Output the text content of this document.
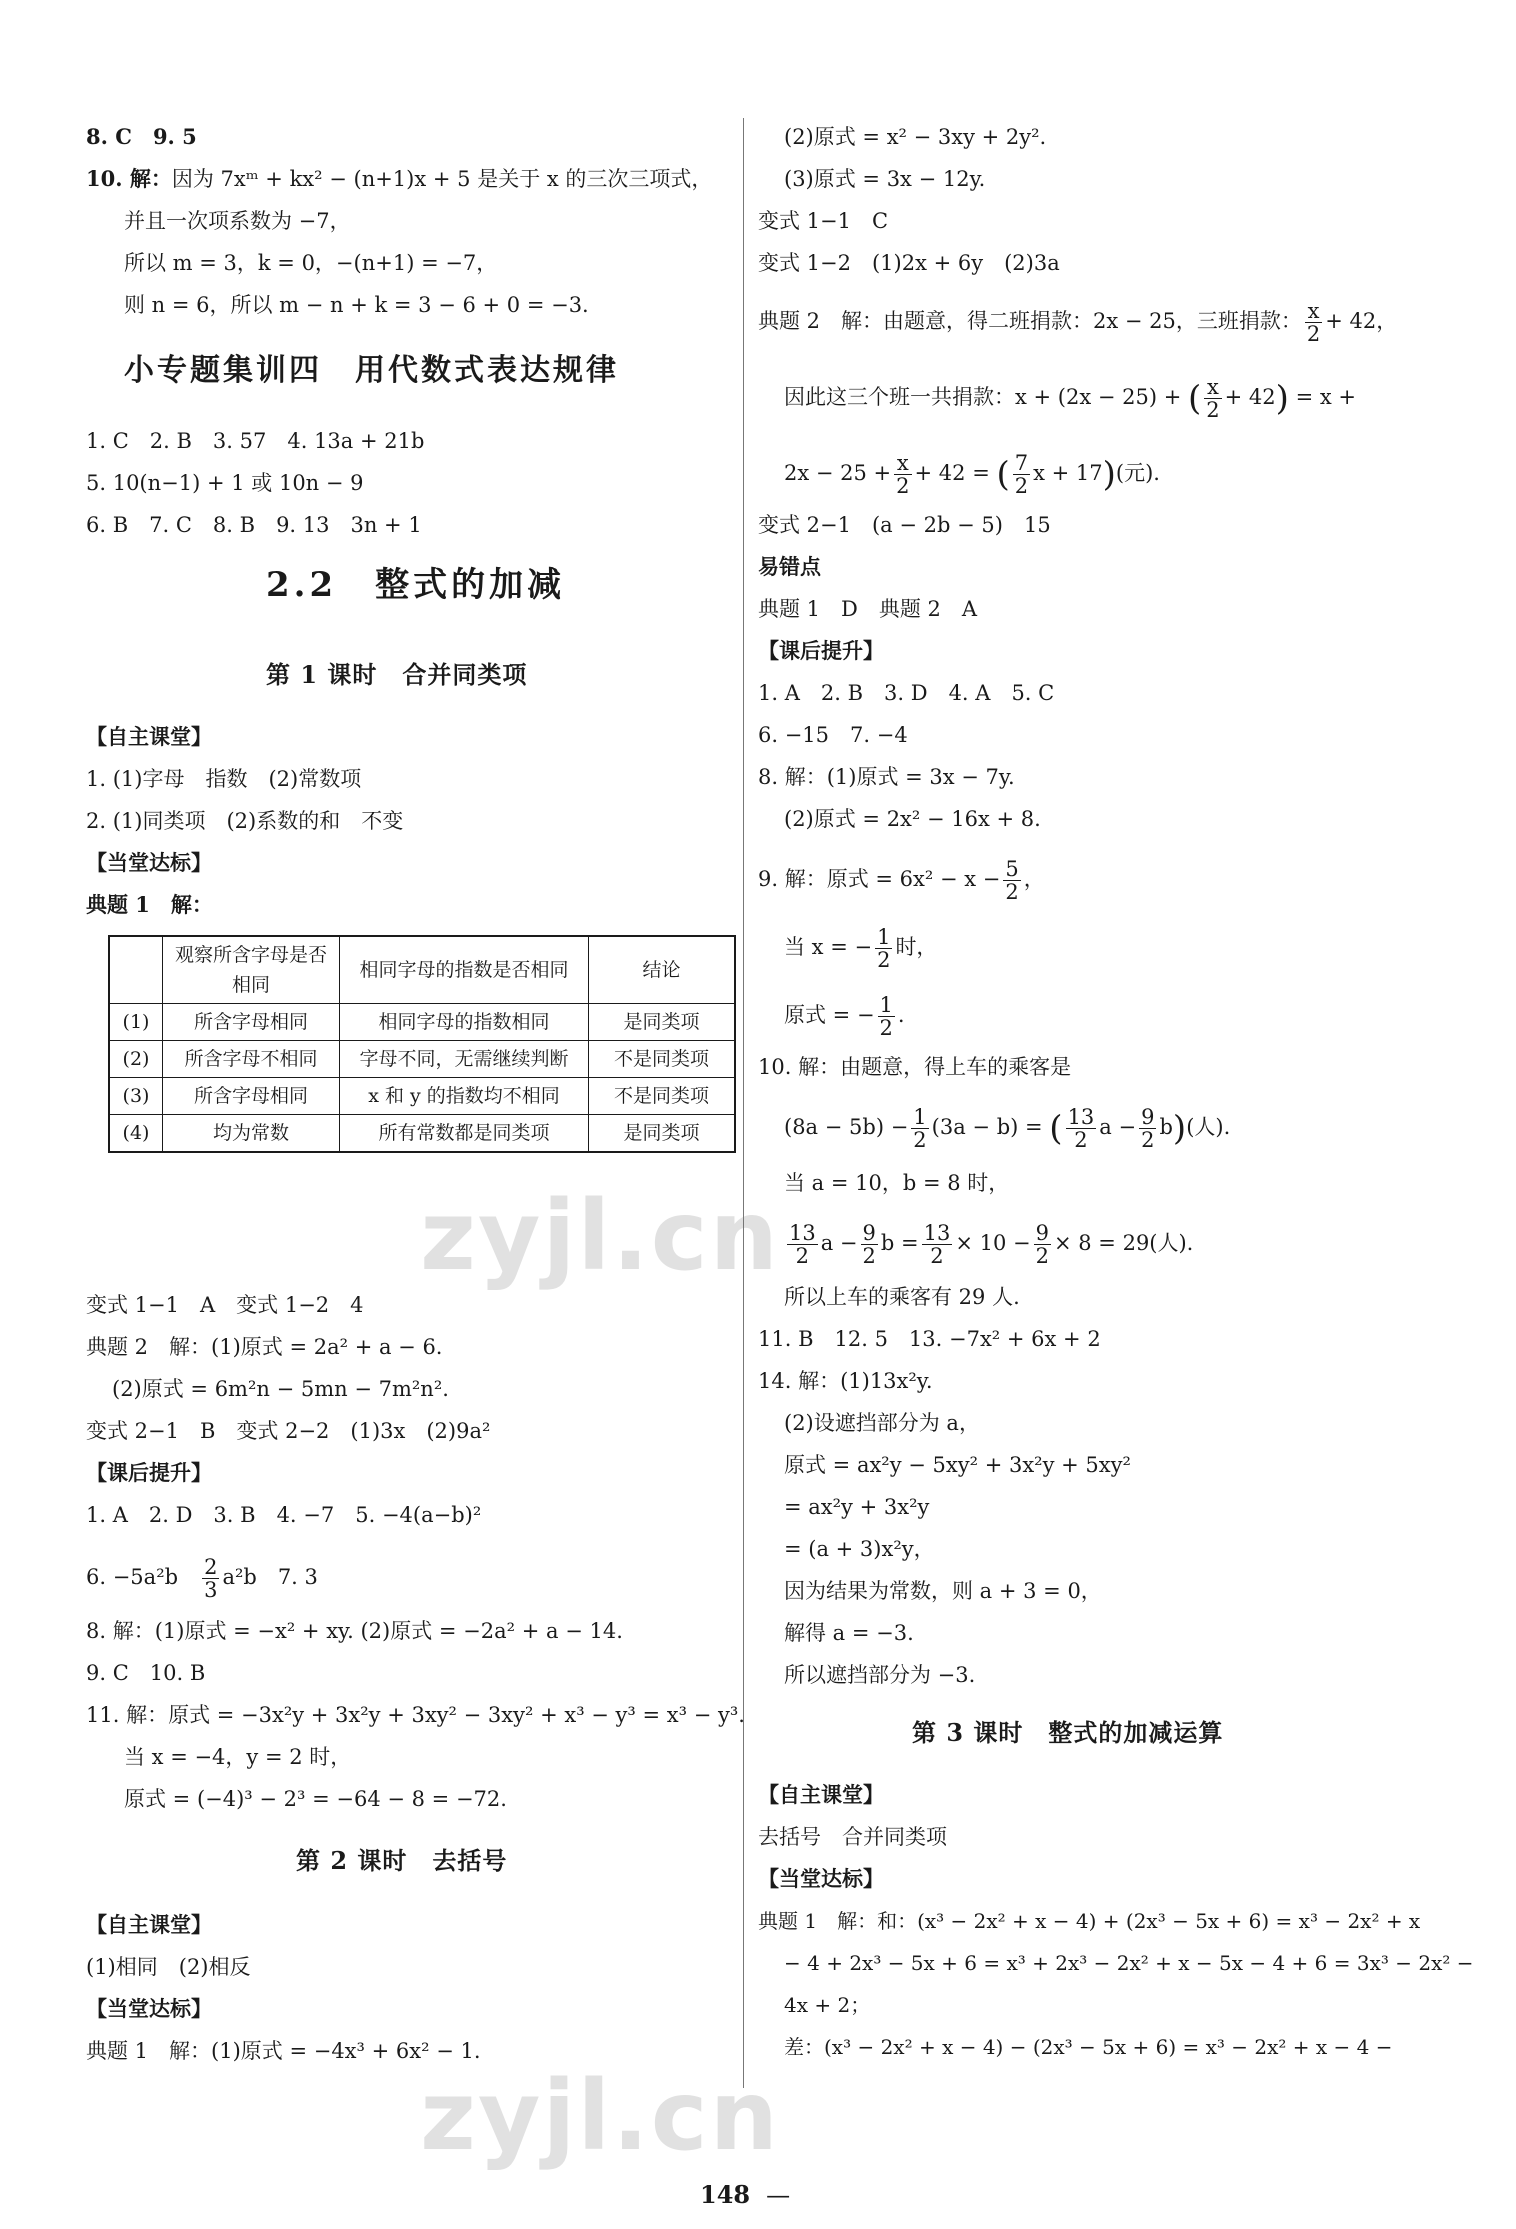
8. C　9. 5
10. 解：因为 7xᵐ + kx² − (n+1)x + 5 是关于 x 的三次三项式，
并且一次项系数为 −7，
所以 m = 3，k = 0，−(n+1) = −7，
则 n = 6，所以 m − n + k = 3 − 6 + 0 = −3.
小专题集训四　用代数式表达规律
1. C　2. B　3. 57　4. 13a + 21b
5. 10(n−1) + 1 或 10n − 9
6. B　7. C　8. B　9. 13　3n + 1
2.2　整式的加减
第 1 课时　合并同类项
【自主课堂】
1. (1)字母　指数　(2)常数项
2. (1)同类项　(2)系数的和　不变
【当堂达标】
典题 1　解：
	观察所含字母是否相同	相同字母的指数是否相同	结论
(1)	所含字母相同	相同字母的指数相同	是同类项
(2)	所含字母不相同	字母不同，无需继续判断	不是同类项
(3)	所含字母相同	x 和 y 的指数均不相同	不是同类项
(4)	均为常数	所有常数都是同类项	是同类项
变式 1−1　A　变式 1−2　4
典题 2　解：(1)原式 = 2a² + a − 6.
(2)原式 = 6m²n − 5mn − 7m²n².
变式 2−1　B　变式 2−2　(1)3x　(2)9a²
【课后提升】
1. A　2. D　3. B　4. −7　5. −4(a−b)²
6. −5a²b　 $\frac{2}{3} a^2b$　7. 3
8. 解：(1)原式 = −x² + xy. (2)原式 = −2a² + a − 14.
9. C　10. B
11. 解：原式 = −3x²y + 3x²y + 3xy² − 3xy² + x³ − y³ = x³ − y³.
当 x = −4，y = 2 时，
原式 = (−4)³ − 2³ = −64 − 8 = −72.
第 2 课时　去括号
【自主课堂】
(1)相同　(2)相反
【当堂达标】
典题 1　解：(1)原式 = −4x³ + 6x² − 1.
(2)原式 = x² − 3xy + 2y².
(3)原式 = 3x − 12y.
变式 1−1　C
变式 1−2　(1)2x + 6y　(2)3a
典题 2　解：由题意，得二班捐款：2x − 25，三班捐款： $\frac{x}{2} + 42$，
因此这三个班一共捐款：x + (2x − 25) + ( $\frac{x}{2} + 42) = x$ +
$2x - 25 + \frac{x}{2} + 42$ = ( $\frac{7}{2}$ x + 17)(元).
变式 2−1　(a − 2b − 5)　15
易错点
典题 1　D　典题 2　A
【课后提升】
1. A　2. B　3. D　4. A　5. C
6. −15　7. −4
8. 解：(1)原式 = 3x − 7y.
(2)原式 = 2x² − 16x + 8.
9. 解：原式 = $6x^2 - x - \frac{5}{2}$ ，
当 x = − $\frac{1}{2}$ 时，
原式 = − $\frac{1}{2}$ .
10. 解：由题意，得上车的乘客是
$(8a - 5b) - \frac{1}{2} (3a - b)$ = ( $\frac{13}{2}$ $a - \frac{9}{2} b$)(人).
当 a = 10，b = 8 时，
$\frac{13}{2}$ $a - \frac{9}{2}$ $b = \frac{13}{2} \times 10 - \frac{9}{2} \times 8 = 29$(人).
所以上车的乘客有 29 人.
11. B　12. 5　13. −7x² + 6x + 2
14. 解：(1)13x²y.
(2)设遮挡部分为 a，
原式 = ax²y − 5xy² + 3x²y + 5xy²
= ax²y + 3x²y
= (a + 3)x²y，
因为结果为常数，则 a + 3 = 0，
解得 a = −3.
所以遮挡部分为 −3.
第 3 课时　整式的加减运算
【自主课堂】
去括号　合并同类项
【当堂达标】
典题 1　解：和：(x³ − 2x² + x − 4) + (2x³ − 5x + 6) = x³ − 2x² + x
− 4 + 2x³ − 5x + 6 = x³ + 2x³ − 2x² + x − 5x − 4 + 6 = 3x³ − 2x² −
4x + 2；
差：(x³ − 2x² + x − 4) − (2x³ − 5x + 6) = x³ − 2x² + x − 4 −
148 —
zyjl.cn
zyjl.cn
